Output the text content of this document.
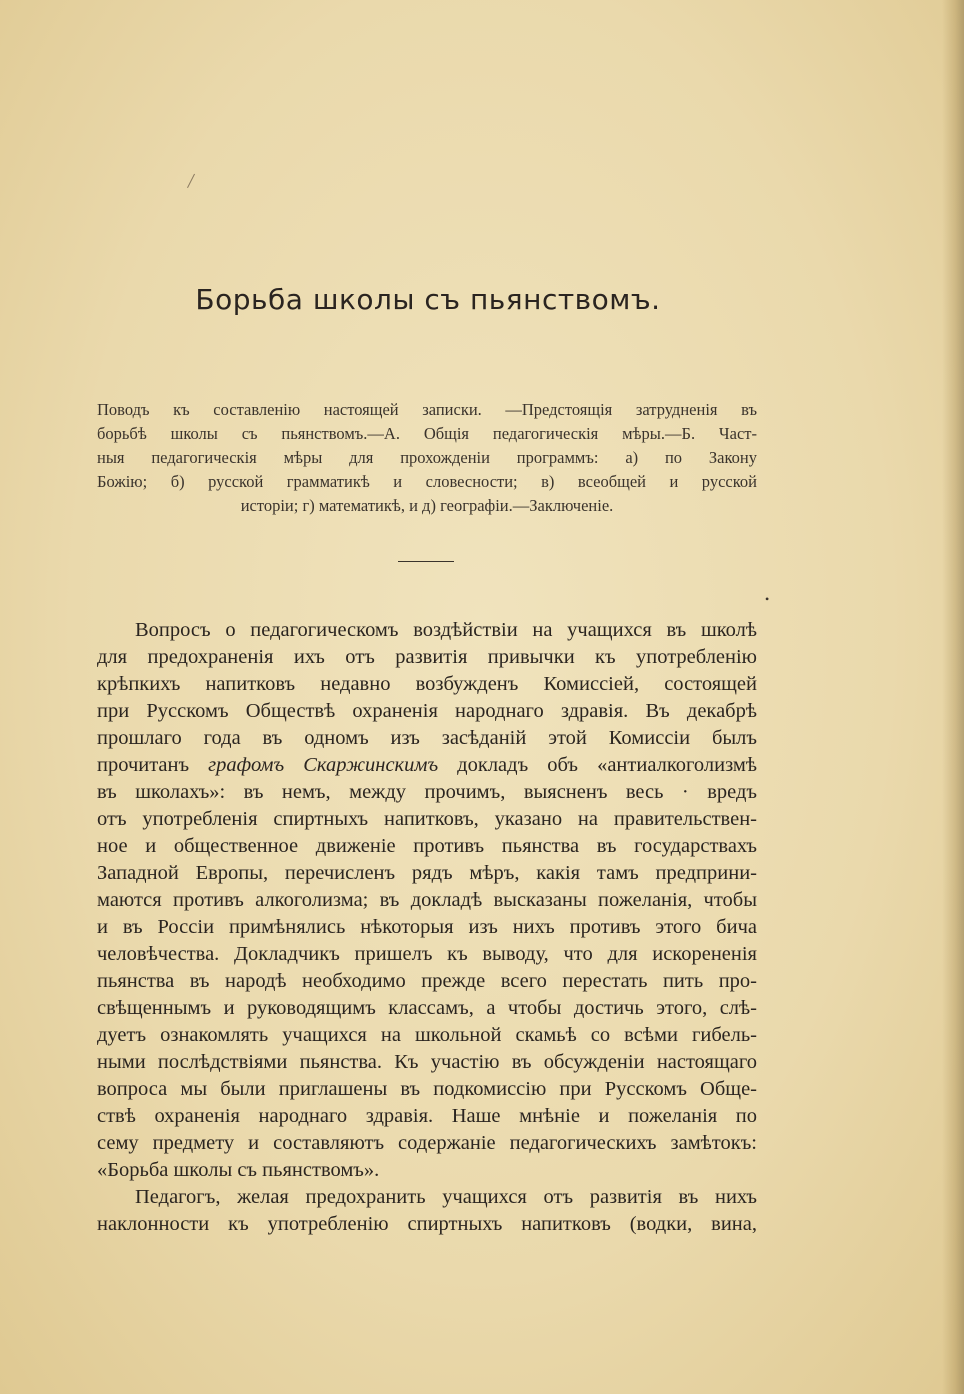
/
Борьба школы съ пьянствомъ.
Поводъ къ составленію настоящей записки. —Предстоящія затрудненія въ
борьбѣ школы съ пьянствомъ.—А. Общія педагогическія мѣры.—Б. Част-
ныя педагогическія мѣры для прохожденіи программъ: а) по Закону
Божію; б) русской грамматикѣ и словесности; в) всеобщей и русской
исторіи; г) математикѣ, и д) географіи.—Заключеніе.
•
Вопросъ о педагогическомъ воздѣйствіи на учащихся въ школѣ
для предохраненія ихъ отъ развитія привычки къ употребленію
крѣпкихъ напитковъ недавно возбужденъ Комиссіей, состоящей
при Русскомъ Обществѣ охраненія народнаго здравія. Въ декабрѣ
прошлаго года въ одномъ изъ засѣданій этой Комиссіи былъ
прочитанъ графомъ Скаржинскимъ докладъ объ «антиалкоголизмѣ
въ школахъ»: въ немъ, между прочимъ, выясненъ весь · вредъ
отъ употребленія спиртныхъ напитковъ, указано на правительствен-
ное и общественное движеніе противъ пьянства въ государствахъ
Западной Европы, перечисленъ рядъ мѣръ, какія тамъ предприни-
маются противъ алкоголизма; въ докладѣ высказаны пожеланія, чтобы
и въ Россіи примѣнялись нѣкоторыя изъ нихъ противъ этого бича
человѣчества. Докладчикъ пришелъ къ выводу, что для искорененія
пьянства въ народѣ необходимо прежде всего перестать пить про-
свѣщеннымъ и руководящимъ классамъ, а чтобы достичь этого, слѣ-
дуетъ ознакомлять учащихся на школьной скамьѣ со всѣми гибель-
ными послѣдствіями пьянства. Къ участію въ обсужденіи настоящаго
вопроса мы были приглашены въ подкомиссію при Русскомъ Обще-
ствѣ охраненія народнаго здравія. Наше мнѣніе и пожеланія по
сему предмету и составляютъ содержаніе педагогическихъ замѣтокъ:
«Борьба школы съ пьянствомъ».
Педагогъ, желая предохранить учащихся отъ развитія въ нихъ
наклонности къ употребленію спиртныхъ напитковъ (водки, вина,
